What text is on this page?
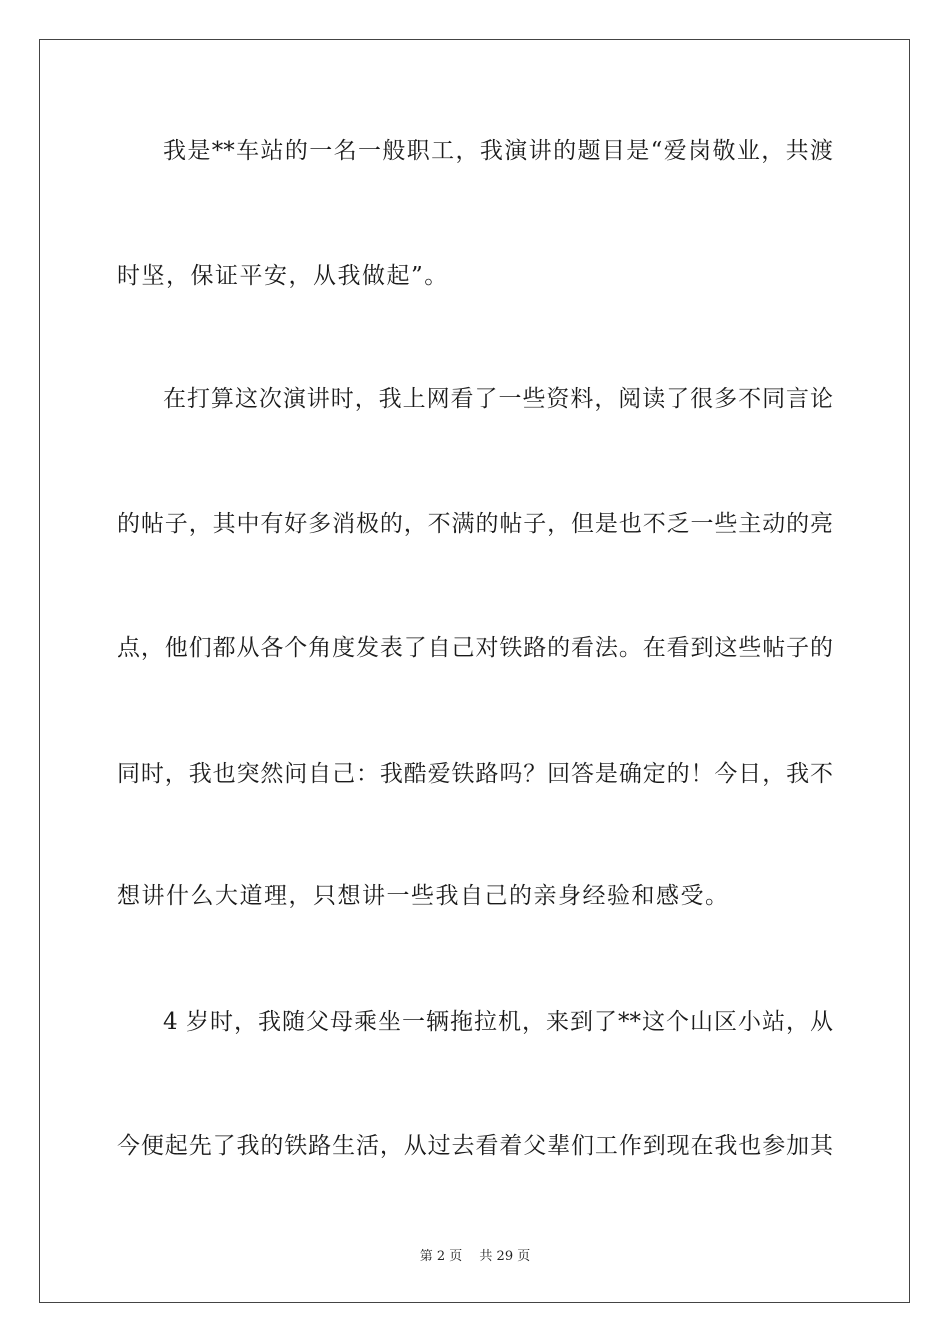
我是**车站的一名一般职工，我演讲的题目是“爱岗敬业，共渡
时坚，保证平安，从我做起”。
在打算这次演讲时，我上网看了一些资料，阅读了很多不同言论
的帖子，其中有好多消极的，不满的帖子，但是也不乏一些主动的亮
点，他们都从各个角度发表了自己对铁路的看法。在看到这些帖子的
同时，我也突然问自己：我酷爱铁路吗？回答是确定的！今日，我不
想讲什么大道理，只想讲一些我自己的亲身经验和感受。
4 岁时，我随父母乘坐一辆拖拉机，来到了**这个山区小站，从
今便起先了我的铁路生活，从过去看着父辈们工作到现在我也参加其
第 2 页　 共 29 页
